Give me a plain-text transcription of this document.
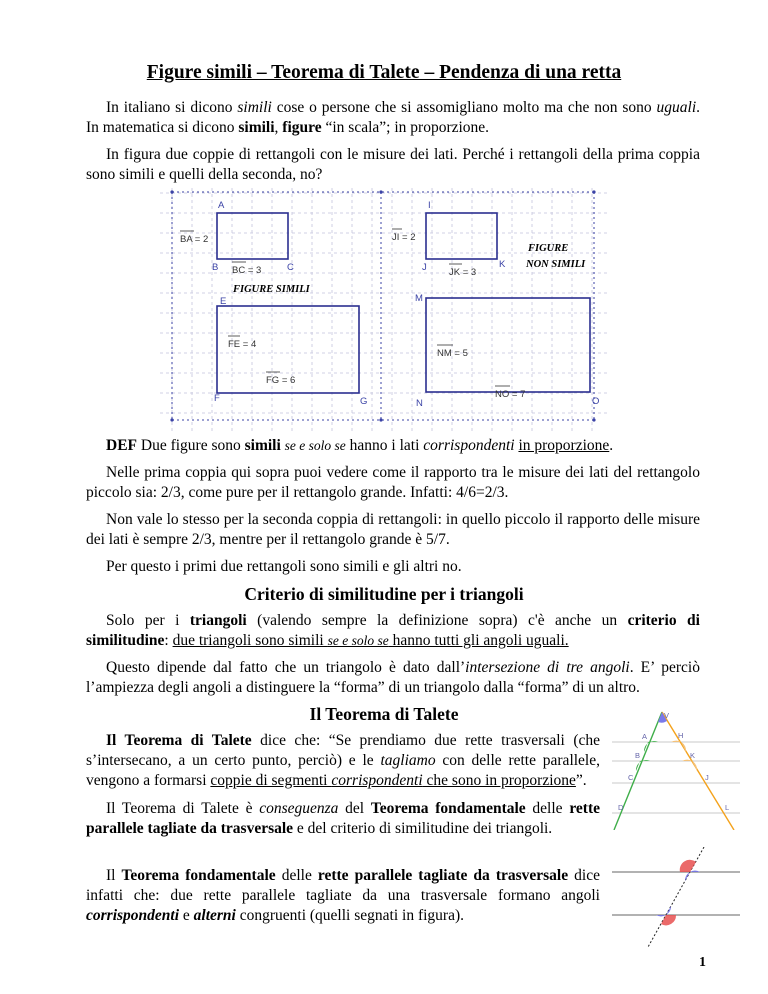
Figure simili – Teorema di Talete – Pendenza di una retta

In italiano si dicono simili cose o persone che si assomigliano molto ma che non sono uguali. In matematica si dicono simili, figure “in scala”; in proporzione.

In figura due coppie di rettangoli con le misure dei lati. Perché i rettangoli della prima coppia sono simili e quelli della seconda, no?

A
B	C
E
F	G
I
J	K
M
N	O
BA = 2
BC = 3
FE = 4
FG = 6
JI = 2
JK = 3
NM = 5
NO = 7
FIGURE SIMILI
FIGURE
NON SIMILI

DEF Due figure sono simili se e solo se hanno i lati corrispondenti in proporzione.

Nelle prima coppia qui sopra puoi vedere come il rapporto tra le misure dei lati del rettangolo piccolo sia: 2/3, come pure per il rettangolo grande. Infatti: 4/6=2/3.

Non vale lo stesso per la seconda coppia di rettangoli: in quello piccolo il rapporto delle misure dei lati è sempre 2/3, mentre per il rettangolo grande è 5/7.

Per questo i primi due rettangoli sono simili e gli altri no.

Criterio di similitudine per i triangoli

Solo per i triangoli (valendo sempre la definizione sopra) c'è anche un criterio di similitudine: due triangoli sono simili se e solo se hanno tutti gli angoli uguali.

Questo dipende dal fatto che un triangolo è dato dall’intersezione di tre angoli. E’ perciò l’ampiezza degli angoli a distinguere la “forma” di un triangolo dalla “forma” di un altro.

Il Teorema di Talete

Il Teorema di Talete dice che: “Se prendiamo due rette trasversali (che s’intersecano, a un certo punto, perciò) e le tagliamo con delle rette parallele, vengono a formarsi coppie di segmenti corrispondenti che sono in proporzione”.

Il Teorema di Talete è conseguenza del Teorema fondamentale delle rette parallele tagliate da trasversale e del criterio di similitudine dei triangoli.

Il Teorema fondamentale delle rette parallele tagliate da trasversale dice infatti che: due rette parallele tagliate da una trasversale formano angoli corrispondenti e alterni congruenti (quelli segnati in figura).

V
A	H
B	K
C	J
D	L
1
